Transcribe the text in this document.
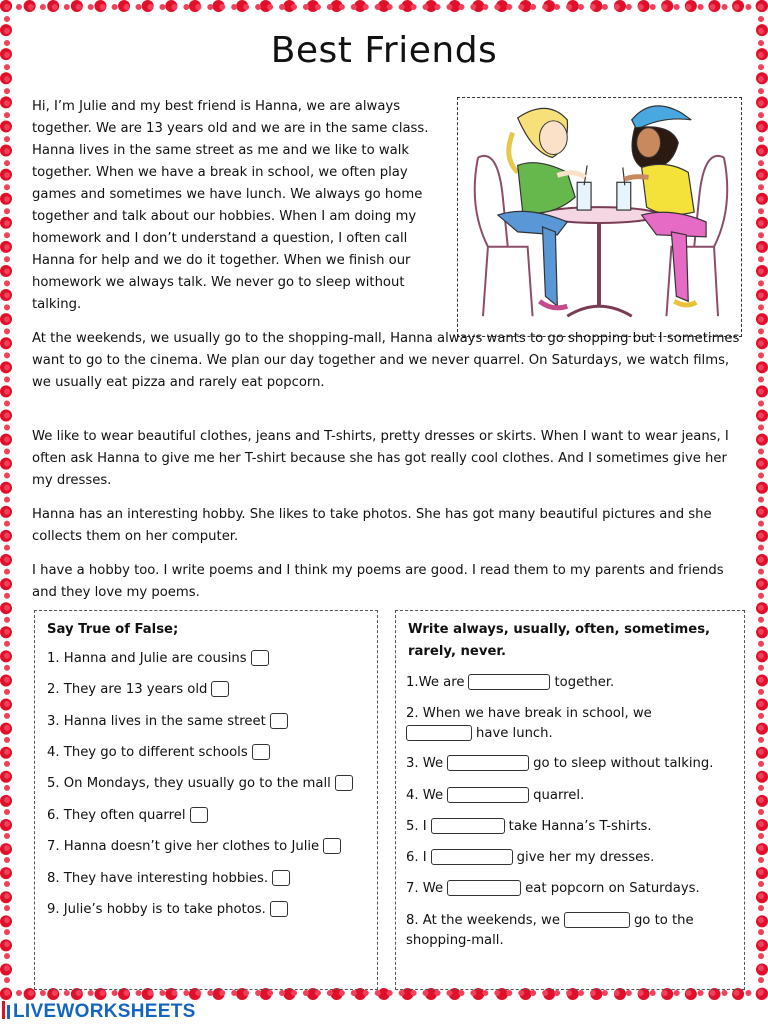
Best Friends

Hi, I’m Julie and my best friend is Hanna, we are always together. We are 13 years old and we are in the same class. Hanna lives in the same street as me and we like to walk together. When we have a break in school, we often play games and sometimes we have lunch. We always go home together and talk about our hobbies. When I am doing my homework and I don’t understand a question, I often call Hanna for help and we do it together. When we finish our homework we always talk. We never go to sleep without talking.

At the weekends, we usually go to the shopping-mall, Hanna always wants to go shopping but I sometimes want to go to the cinema. We plan our day together and we never quarrel. On Saturdays, we watch films, we usually eat pizza and rarely eat popcorn.

We like to wear beautiful clothes, jeans and T-shirts, pretty dresses or skirts. When I want to wear jeans, I often ask Hanna to give me her T-shirt because she has got really cool clothes. And I sometimes give her my dresses.

Hanna has an interesting hobby. She likes to take photos. She has got many beautiful pictures and she collects them on her computer.

I have a hobby too. I write poems and I think my poems are good. I read them to my parents and friends and they love my poems.

Say True of False;
1. Hanna and Julie are cousins
2. They are 13 years old
3. Hanna lives in the same street
4. They go to different schools
5. On Mondays, they usually go to the mall
6. They often quarrel
7. Hanna doesn’t give her clothes to Julie
8. They have interesting hobbies.
9. Julie’s hobby is to take photos.
Write always, usually, often, sometimes, rarely, never.
1.We are	together.
2. When we have break in school, we have lunch.
3. We	go to sleep without talking.
4. We	quarrel.
5. I	take Hanna’s T-shirts.
6. I	give her my dresses.
7. We	eat popcorn on Saturdays.
8. At the weekends, we	go to the shopping-mall.
LIVEWORKSHEETS
